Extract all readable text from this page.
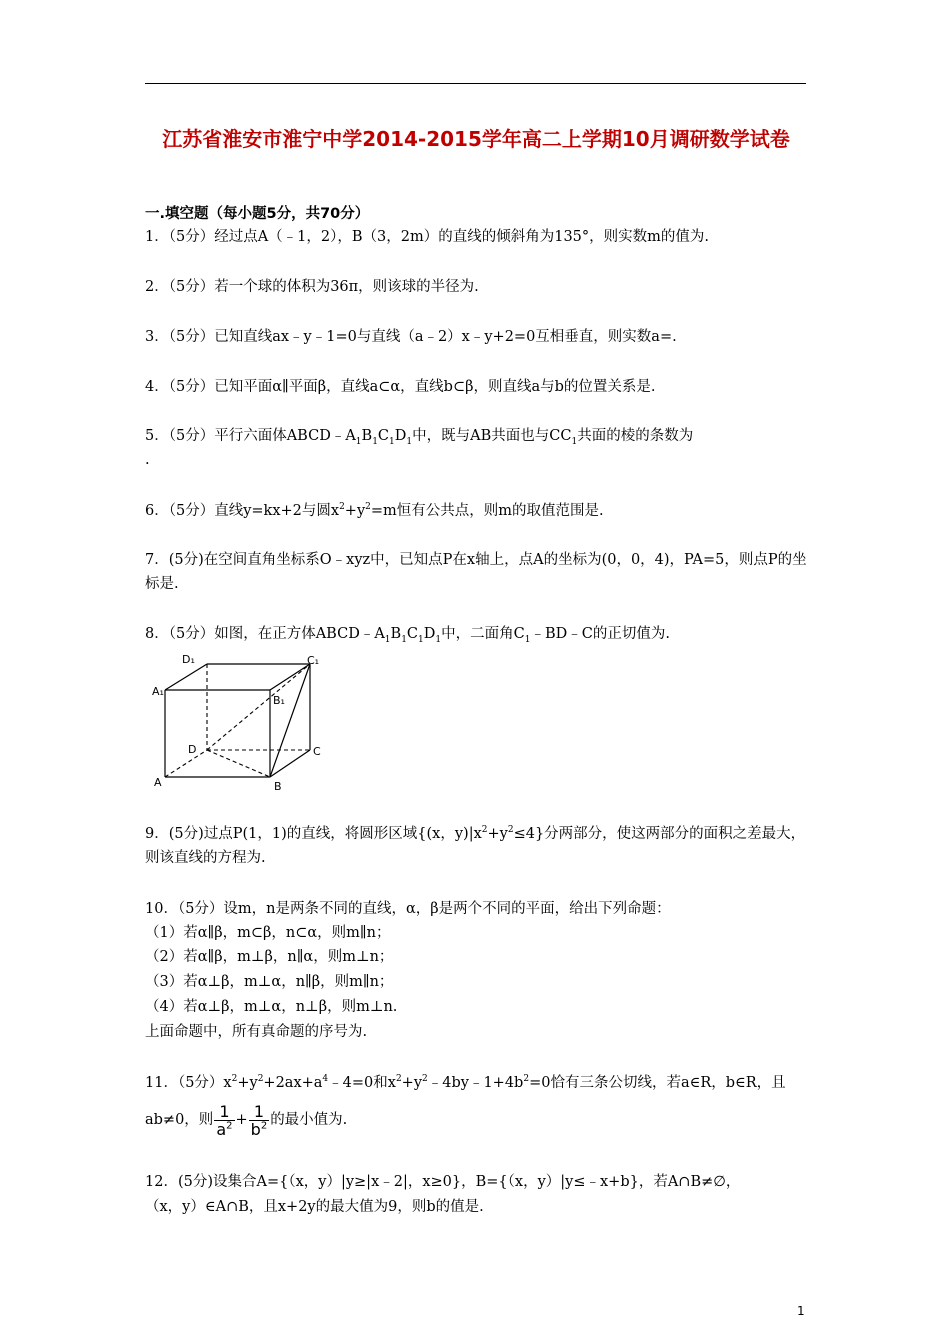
江苏省淮安市淮宁中学2014-2015学年高二上学期10月调研数学试卷
一.填空题（每小题5分，共70分）
1．（5分）经过点A（﹣1，2），B（3，2m）的直线的倾斜角为135°，则实数m的值为.
2．（5分）若一个球的体积为36π，则该球的半径为.
3．（5分）已知直线ax﹣y﹣1=0与直线（a﹣2）x﹣y+2=0互相垂直，则实数a=.
4．（5分）已知平面α∥平面β，直线a⊂α，直线b⊂β，则直线a与b的位置关系是.
5．（5分）平行六面体$ABCD﹣A_1B_1C_1D_1$中，既与AB共面也与$CC_1$共面的棱的条数为
.
6．（5分）直线y=kx+2与圆$x^2+y^2=m$恒有公共点，则m的取值范围是.
7．(5分)在空间直角坐标系O﹣xyz中，已知点P在x轴上，点A的坐标为(0，0，4)，PA=5，则点P的坐标是.
8．（5分）如图，在正方体$ABCD﹣A_1B_1C_1D_1$中，二面角$C_1﹣BD﹣C$的正切值为.
D₁	C₁
A₁
B₁
D	C
A	B
9．(5分)过点P(1，1)的直线，将圆形区域{(x，$y)|x^2+y^2\le 4$}分两部分，使这两部分的面积之差最大，则该直线的方程为.
10．（5分）设m，n是两条不同的直线，α，β是两个不同的平面，给出下列命题：
（1）若α∥β，m⊂β，n⊂α，则m∥n；
（2）若α∥β，m⊥β，n∥α，则m⊥n；
（3）若α⊥β，m⊥α，n∥β，则m∥n；
（4）若α⊥β，m⊥α，n⊥β，则m⊥n.
上面命题中，所有真命题的序号为.
11．（5分）$x^2+y^2+2ax+a^4﹣4=0$和$x^2+y^2﹣4by﹣1+4b^2=0$恰有三条公切线，若a∈R，b∈R，且
ab≠0，则 $\frac{1}{a^2} + \frac{1}{b^2}$ 的最小值为.
12．(5分)设集合A={（x，y）|y≥|x﹣2|，x≥0}，B={（x，y）|y≤﹣x+b}，若A∩B≠∅，
（x，y）∈A∩B，且x+2y的最大值为9，则b的值是.
1
